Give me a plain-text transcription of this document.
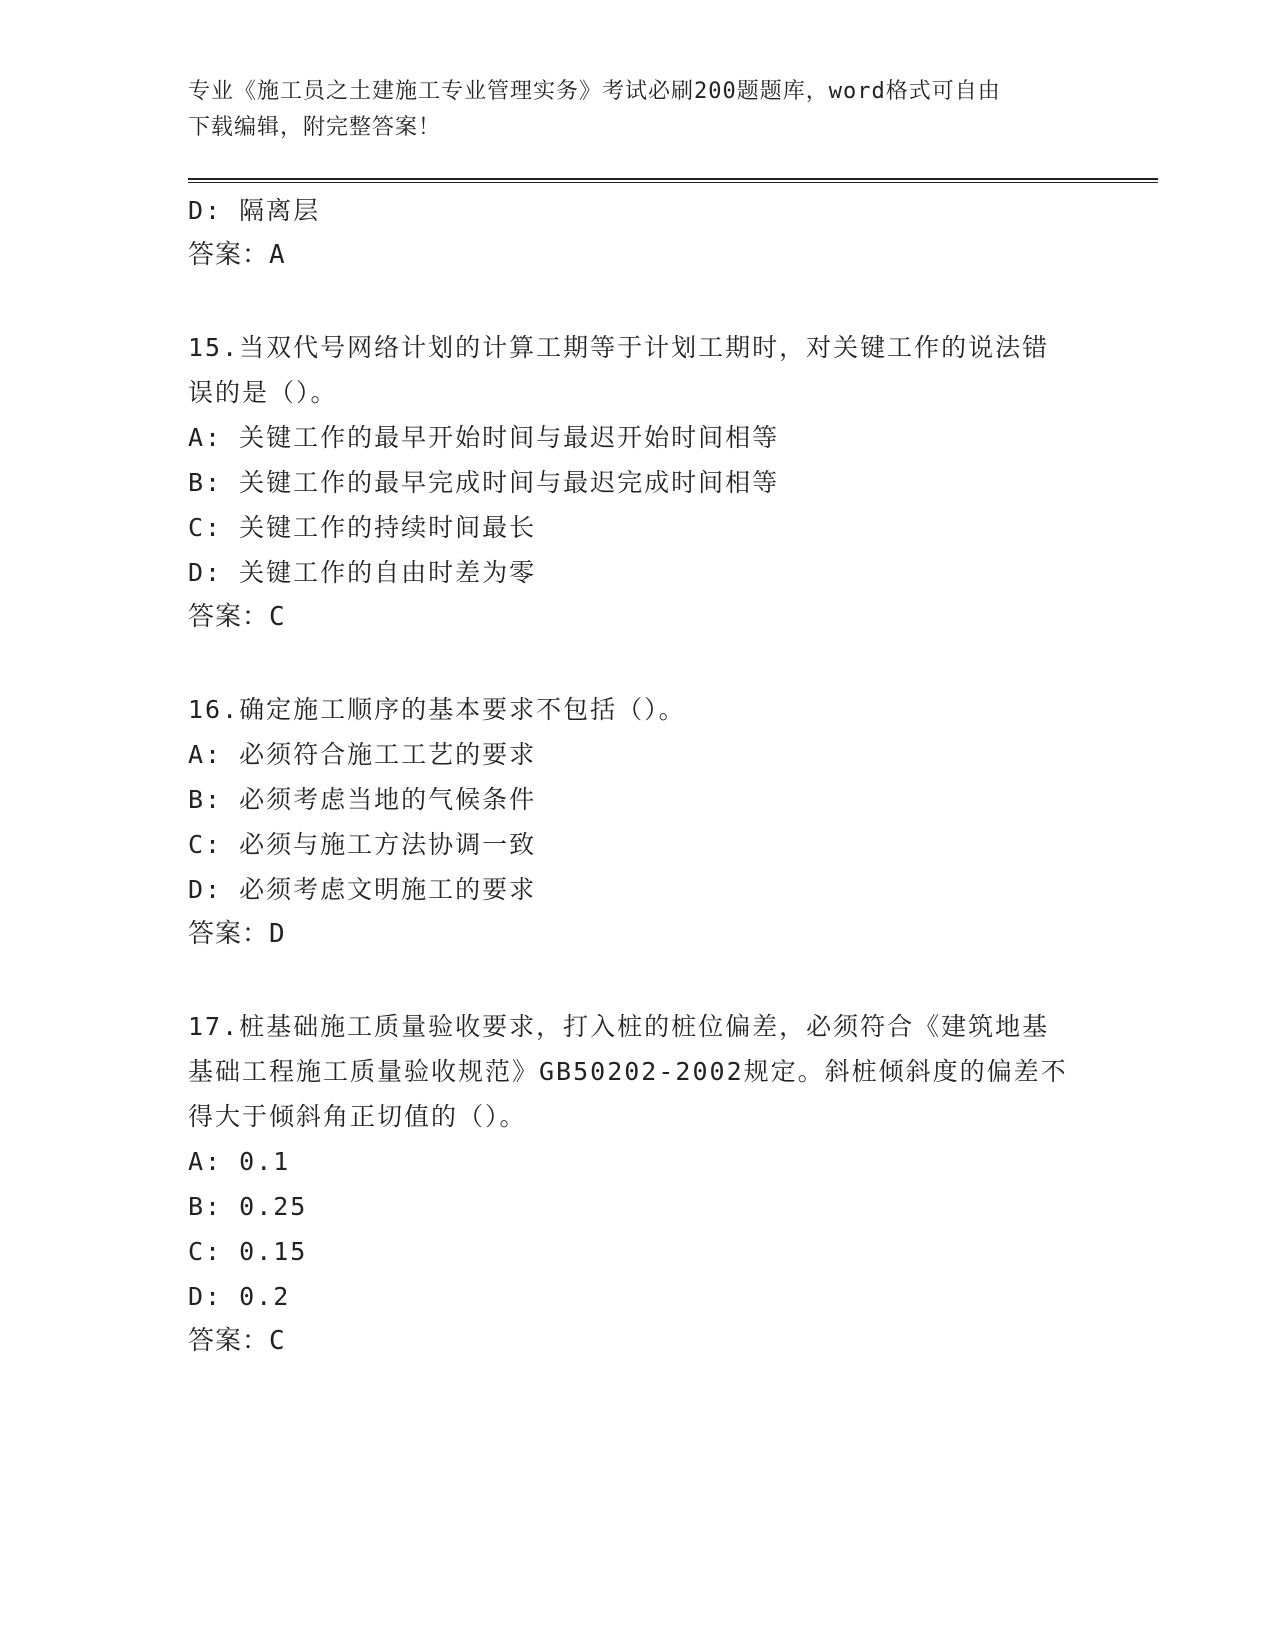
专业《施工员之土建施工专业管理实务》考试必刷200题题库，word格式可自由
下载编辑，附完整答案！
D: 隔离层
答案：A
15.当双代号网络计划的计算工期等于计划工期时，对关键工作的说法错误的是（）。
A: 关键工作的最早开始时间与最迟开始时间相等
B: 关键工作的最早完成时间与最迟完成时间相等
C: 关键工作的持续时间最长
D: 关键工作的自由时差为零
答案：C
16.确定施工顺序的基本要求不包括（）。
A: 必须符合施工工艺的要求
B: 必须考虑当地的气候条件
C: 必须与施工方法协调一致
D: 必须考虑文明施工的要求
答案：D
17.桩基础施工质量验收要求，打入桩的桩位偏差，必须符合《建筑地基基础工程施工质量验收规范》GB50202-2002规定。斜桩倾斜度的偏差不得大于倾斜角正切值的（）。
A: 0.1
B: 0.25
C: 0.15
D: 0.2
答案：C
